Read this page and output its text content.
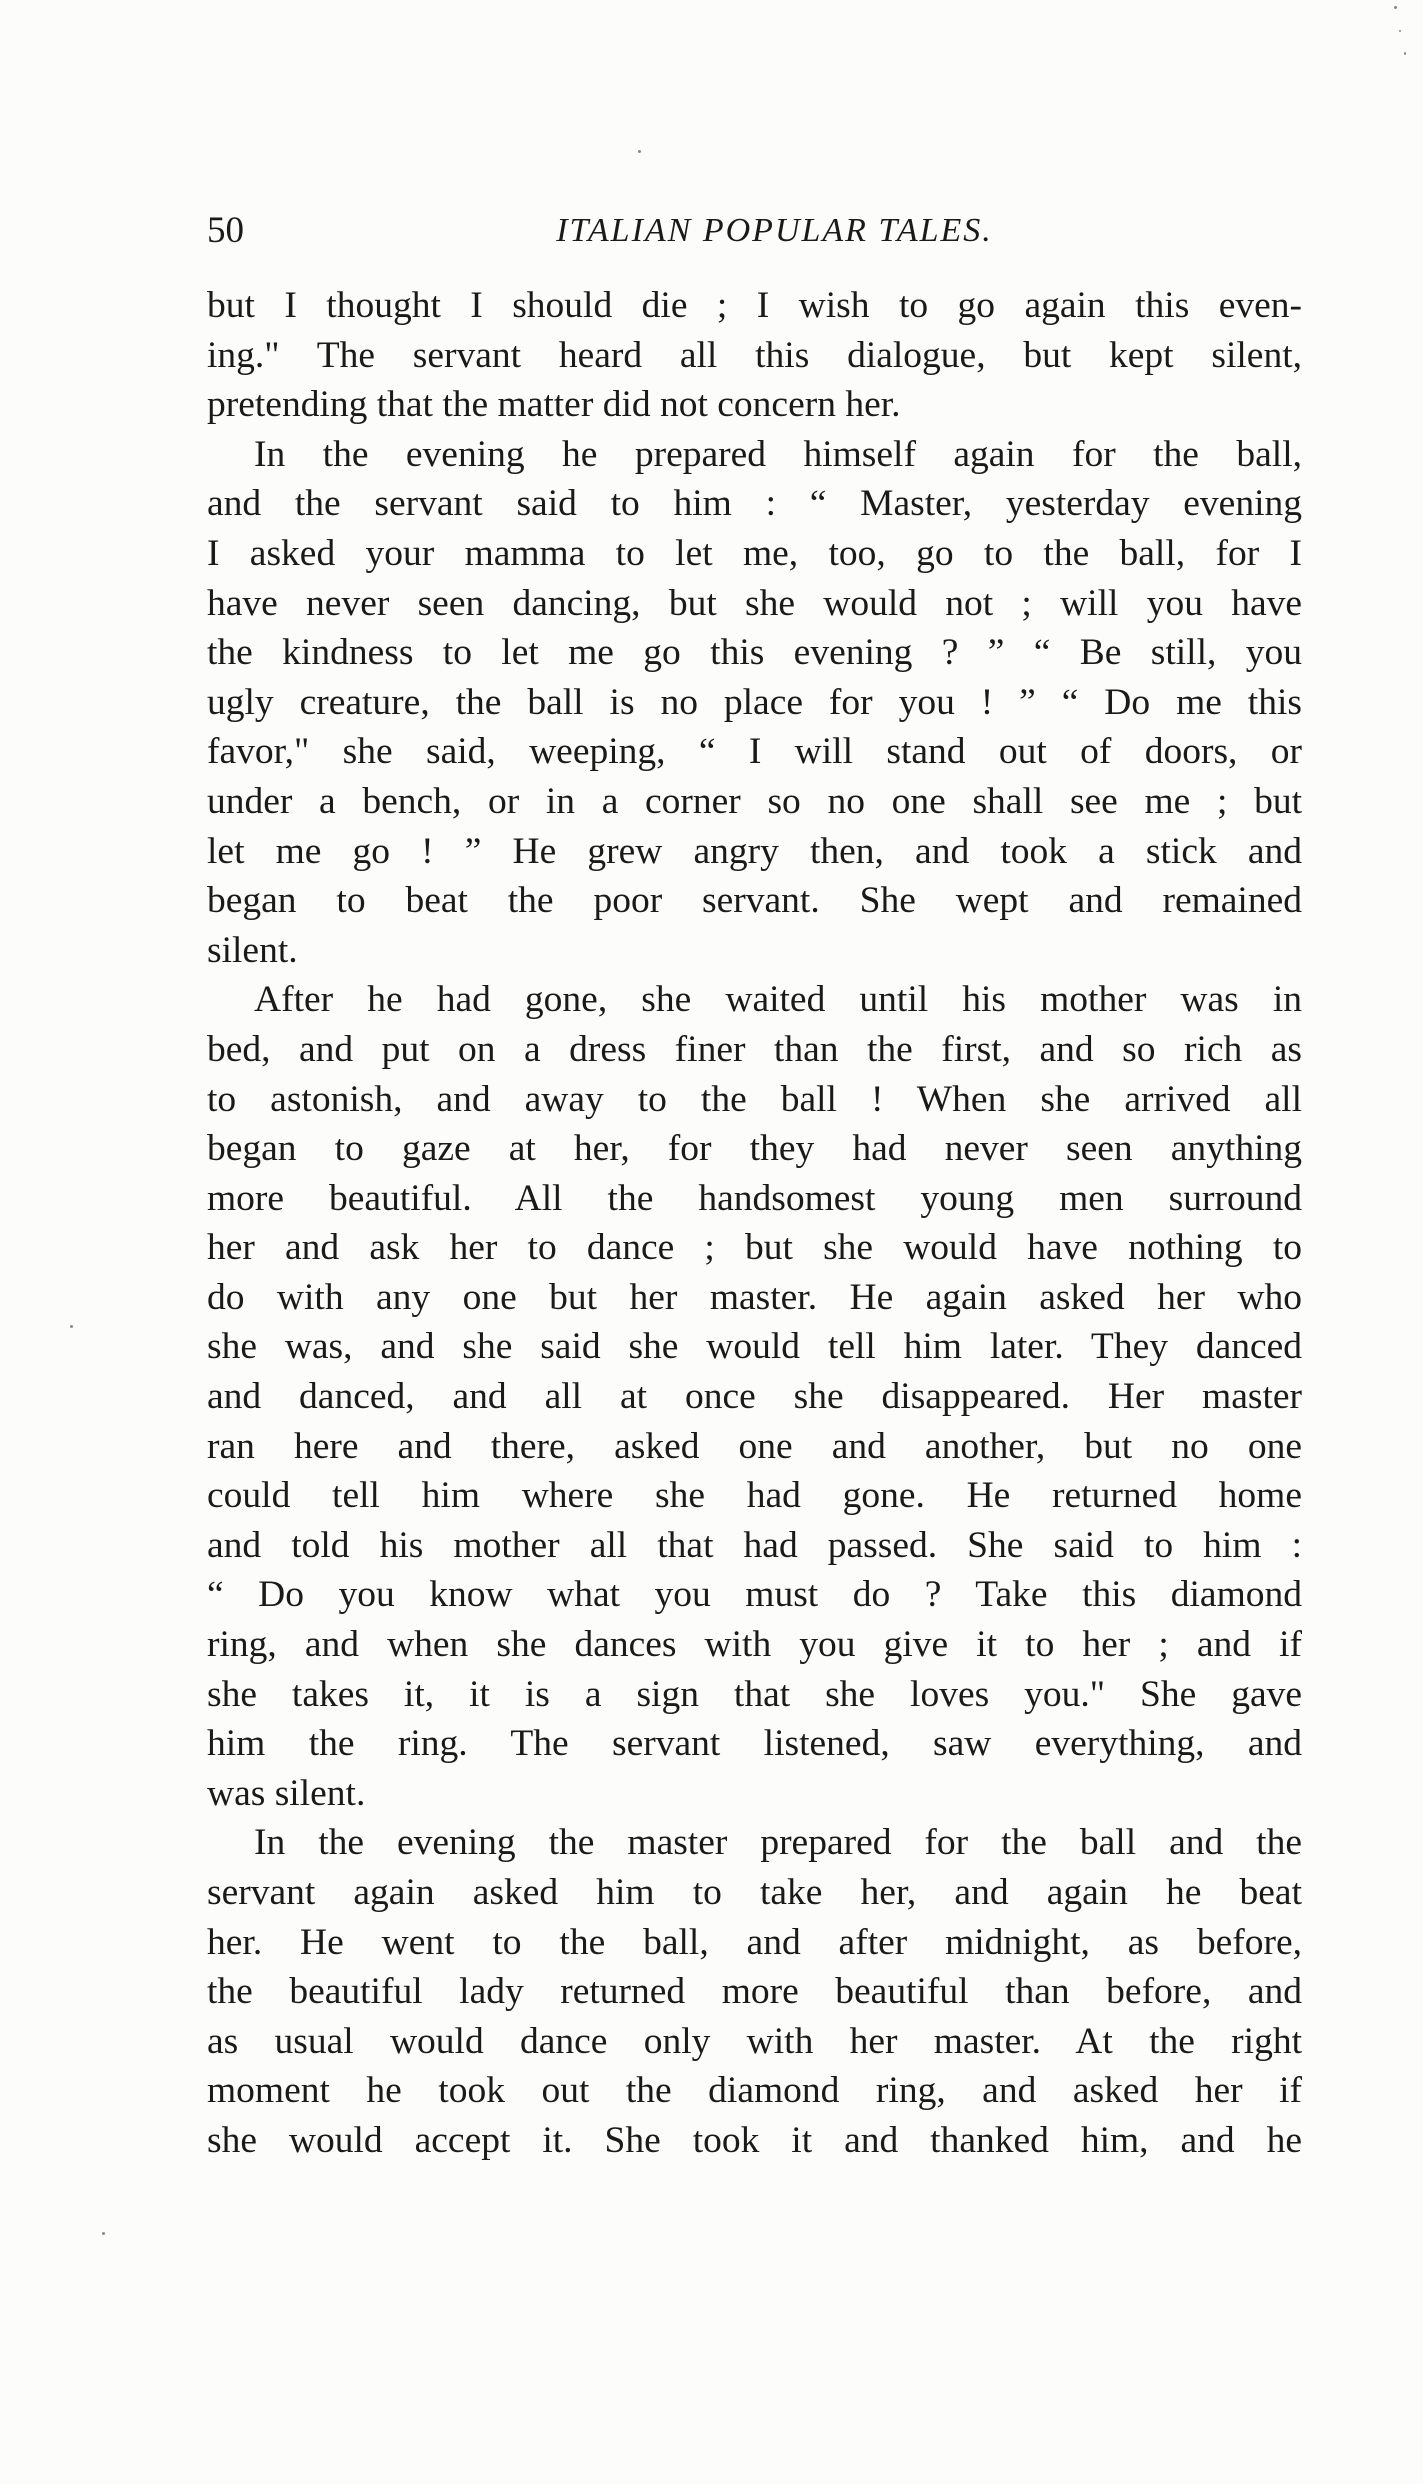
50	ITALIAN POPULAR TALES.
but I thought I should die ; I wish to go again this even-
ing." The servant heard all this dialogue, but kept silent,
pretending that the matter did not concern her.
In the evening he prepared himself again for the ball,
and the servant said to him : “ Master, yesterday evening
I asked your mamma to let me, too, go to the ball, for I
have never seen dancing, but she would not ; will you have
the kindness to let me go this evening ? ” “ Be still, you
ugly creature, the ball is no place for you ! ” “ Do me this
favor," she said, weeping, “ I will stand out of doors, or
under a bench, or in a corner so no one shall see me ; but
let me go ! ” He grew angry then, and took a stick and
began to beat the poor servant. She wept and remained
silent.
After he had gone, she waited until his mother was in
bed, and put on a dress finer than the first, and so rich as
to astonish, and away to the ball ! When she arrived all
began to gaze at her, for they had never seen anything
more beautiful. All the handsomest young men surround
her and ask her to dance ; but she would have nothing to
do with any one but her master. He again asked her who
she was, and she said she would tell him later. They danced
and danced, and all at once she disappeared. Her master
ran here and there, asked one and another, but no one
could tell him where she had gone. He returned home
and told his mother all that had passed. She said to him :
“ Do you know what you must do ? Take this diamond
ring, and when she dances with you give it to her ; and if
she takes it, it is a sign that she loves you." She gave
him the ring. The servant listened, saw everything, and
was silent.
In the evening the master prepared for the ball and the
servant again asked him to take her, and again he beat
her. He went to the ball, and after midnight, as before,
the beautiful lady returned more beautiful than before, and
as usual would dance only with her master. At the right
moment he took out the diamond ring, and asked her if
she would accept it. She took it and thanked him, and he
